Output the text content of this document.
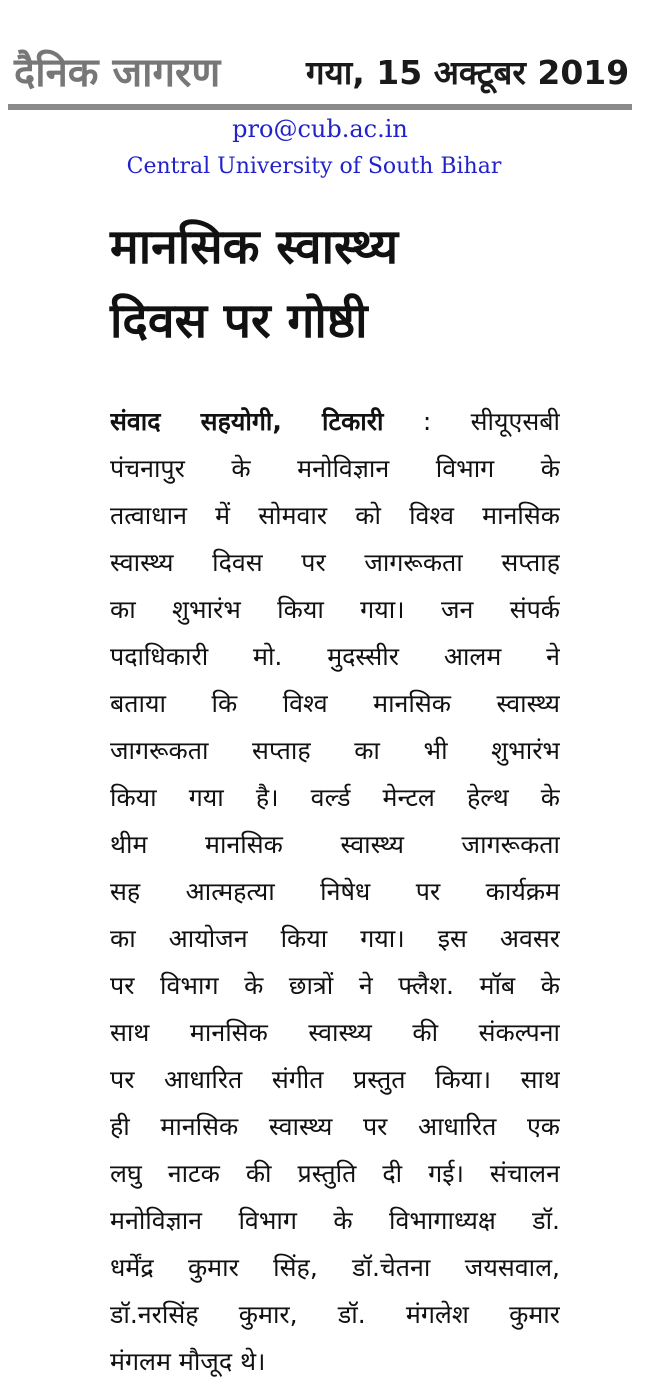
दैनिक जागरण	गया, 15 अक्टूबर 2019
pro@cub.ac.in
Central University of South Bihar
मानसिक स्वास्थ्य
दिवस पर गोष्ठी
संवाद सहयोगी, टिकारी : सीयूएसबी
पंचनापुर के मनोविज्ञान विभाग के
तत्वाधान में सोमवार को विश्व मानसिक
स्वास्थ्य दिवस पर जागरूकता सप्ताह
का शुभारंभ किया गया। जन संपर्क
पदाधिकारी मो. मुदस्सीर आलम ने
बताया कि विश्व मानसिक स्वास्थ्य
जागरूकता सप्ताह का भी शुभारंभ
किया गया है। वर्ल्ड मेन्टल हेल्थ के
थीम मानसिक स्वास्थ्य जागरूकता
सह आत्महत्या निषेध पर कार्यक्रम
का आयोजन किया गया। इस अवसर
पर विभाग के छात्रों ने फ्लैश. मॉब के
साथ मानसिक स्वास्थ्य की संकल्पना
पर आधारित संगीत प्रस्तुत किया। साथ
ही मानसिक स्वास्थ्य पर आधारित एक
लघु नाटक की प्रस्तुति दी गई। संचालन
मनोविज्ञान विभाग के विभागाध्यक्ष डॉ.
धर्मेंद्र कुमार सिंह, डॉ.चेतना जयसवाल,
डॉ.नरसिंह कुमार, डॉ. मंगलेश कुमार
मंगलम मौजूद थे।
